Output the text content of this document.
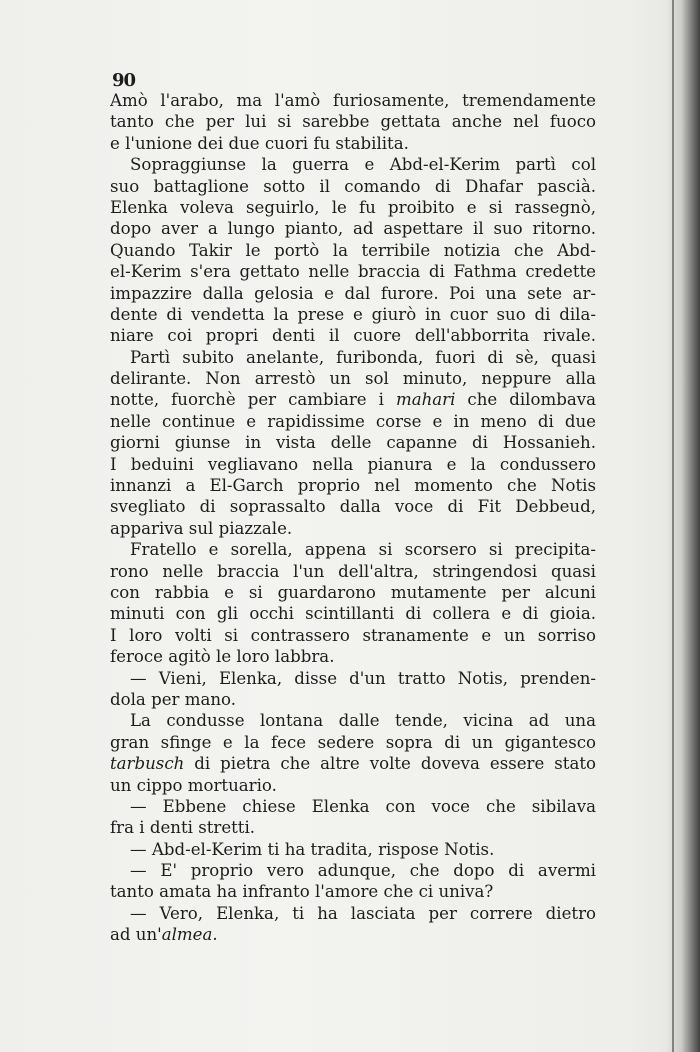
90
Amò l'arabo, ma l'amò furiosamente, tremendamente
tanto che per lui si sarebbe gettata anche nel fuoco
e l'unione dei due cuori fu stabilita.
Sopraggiunse la guerra e Abd-el-Kerim partì col
suo battaglione sotto il comando di Dhafar pascià.
Elenka voleva seguirlo, le fu proibito e si rassegnò,
dopo aver a lungo pianto, ad aspettare il suo ritorno.
Quando Takir le portò la terribile notizia che Abd-
el-Kerim s'era gettato nelle braccia di Fathma credette
impazzire dalla gelosia e dal furore. Poi una sete ar-
dente di vendetta la prese e giurò in cuor suo di dila-
niare coi propri denti il cuore dell'abborrita rivale.
Partì subito anelante, furibonda, fuori di sè, quasi
delirante. Non arrestò un sol minuto, neppure alla
notte, fuorchè per cambiare i mahari che dilombava
nelle continue e rapidissime corse e in meno di due
giorni giunse in vista delle capanne di Hossanieh.
I beduini vegliavano nella pianura e la condussero
innanzi a El-Garch proprio nel momento che Notis
svegliato di soprassalto dalla voce di Fit Debbeud,
appariva sul piazzale.
Fratello e sorella, appena si scorsero si precipita-
rono nelle braccia l'un dell'altra, stringendosi quasi
con rabbia e si guardarono mutamente per alcuni
minuti con gli occhi scintillanti di collera e di gioia.
I loro volti si contrassero stranamente e un sorriso
feroce agitò le loro labbra.
— Vieni, Elenka, disse d'un tratto Notis, prenden-
dola per mano.
La condusse lontana dalle tende, vicina ad una
gran sfinge e la fece sedere sopra di un gigantesco
tarbusch di pietra che altre volte doveva essere stato
un cippo mortuario.
— Ebbene chiese Elenka con voce che sibilava
fra i denti stretti.
— Abd-el-Kerim ti ha tradita, rispose Notis.
— E' proprio vero adunque, che dopo di avermi
tanto amata ha infranto l'amore che ci univa?
— Vero, Elenka, ti ha lasciata per correre dietro
ad un'almea.
